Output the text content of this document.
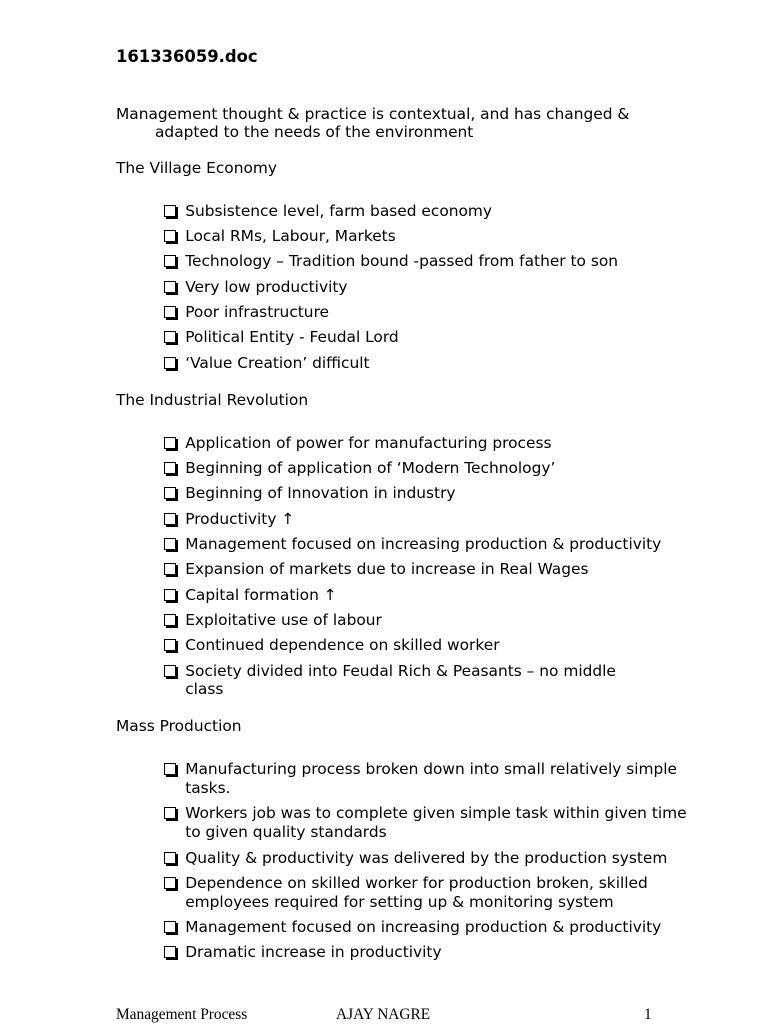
161336059.doc
Management thought & practice is contextual, and has changed &
adapted to the needs of the environment
The Village Economy
Subsistence level, farm based economy
Local RMs, Labour, Markets
Technology – Tradition bound -passed from father to son
Very low productivity
Poor infrastructure
Political Entity - Feudal Lord
‘Value Creation’ difficult
The Industrial Revolution
Application of power for manufacturing process
Beginning of application of ‘Modern Technology’
Beginning of Innovation in industry
Productivity ↑
Management focused on increasing production & productivity
Expansion of markets due to increase in Real Wages
Capital formation ↑
Exploitative use of labour
Continued dependence on skilled worker
Society divided into Feudal Rich & Peasants – no middle
class
Mass Production
Manufacturing process broken down into small relatively simple
tasks.
Workers job was to complete given simple task within given time
to given quality standards
Quality & productivity was delivered by the production system
Dependence on skilled worker for production broken, skilled
employees required for setting up & monitoring system
Management focused on increasing production & productivity
Dramatic increase in productivity
Management Process	AJAY NAGRE	1
